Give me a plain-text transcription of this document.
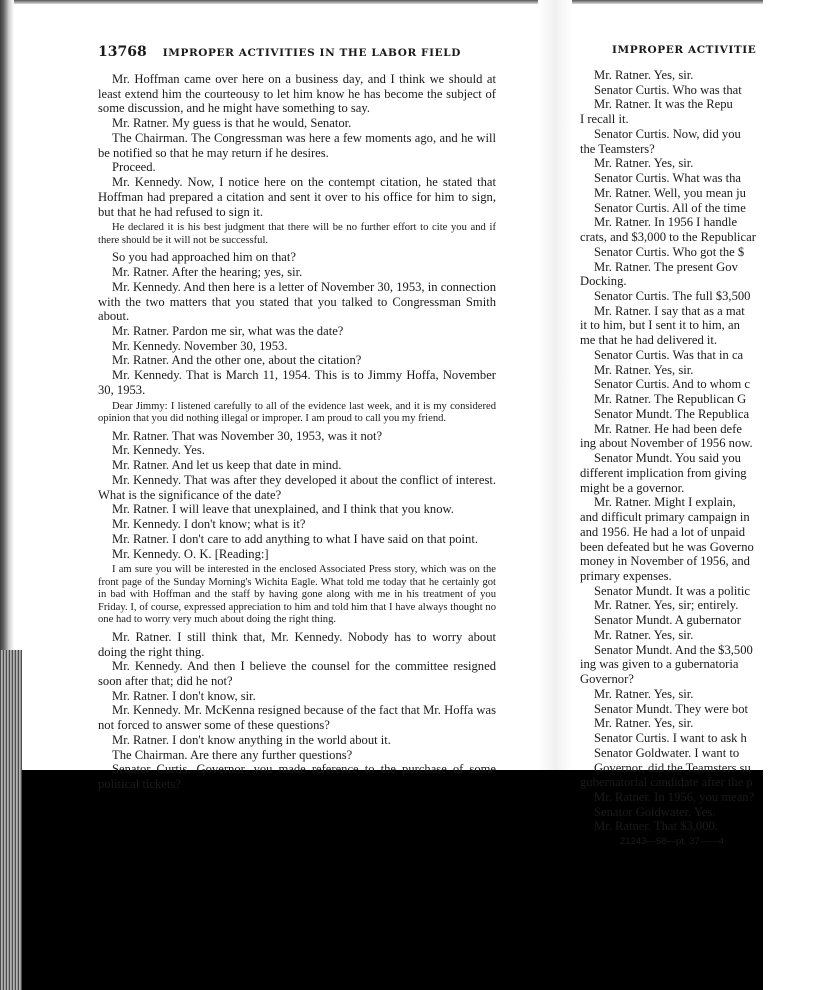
13768 IMPROPER ACTIVITIES IN THE LABOR FIELD

Mr. Hoffman came over here on a business day, and I think we should at least extend him the courteousy to let him know he has become the subject of some discussion, and he might have something to say.

Mr. Ratner. My guess is that he would, Senator.

The Chairman. The Congressman was here a few moments ago, and he will be notified so that he may return if he desires.

Proceed.

Mr. Kennedy. Now, I notice here on the contempt citation, he stated that Hoffman had prepared a citation and sent it over to his office for him to sign, but that he had refused to sign it.

He declared it is his best judgment that there will be no further effort to cite you and if there should be it will not be successful.

So you had approached him on that?

Mr. Ratner. After the hearing; yes, sir.

Mr. Kennedy. And then here is a letter of November 30, 1953, in connection with the two matters that you stated that you talked to Congressman Smith about.

Mr. Ratner. Pardon me sir, what was the date?

Mr. Kennedy. November 30, 1953.

Mr. Ratner. And the other one, about the citation?

Mr. Kennedy. That is March 11, 1954. This is to Jimmy Hoffa, November 30, 1953.

Dear Jimmy: I listened carefully to all of the evidence last week, and it is my considered opinion that you did nothing illegal or improper. I am proud to call you my friend.

Mr. Ratner. That was November 30, 1953, was it not?

Mr. Kennedy. Yes.

Mr. Ratner. And let us keep that date in mind.

Mr. Kennedy. That was after they developed it about the conflict of interest. What is the significance of the date?

Mr. Ratner. I will leave that unexplained, and I think that you know.

Mr. Kennedy. I don't know; what is it?

Mr. Ratner. I don't care to add anything to what I have said on that point.

Mr. Kennedy. O. K. [Reading:]

I am sure you will be interested in the enclosed Associated Press story, which was on the front page of the Sunday Morning's Wichita Eagle. What told me today that he certainly got in bad with Hoffman and the staff by having gone along with me in his treatment of you Friday. I, of course, expressed appreciation to him and told him that I have always thought no one had to worry very much about doing the right thing.

Mr. Ratner. I still think that, Mr. Kennedy. Nobody has to worry about doing the right thing.

Mr. Kennedy. And then I believe the counsel for the committee resigned soon after that; did he not?

Mr. Ratner. I don't know, sir.

Mr. Kennedy. Mr. McKenna resigned because of the fact that Mr. Hoffa was not forced to answer some of these questions?

Mr. Ratner. I don't know anything in the world about it.

The Chairman. Are there any further questions?

Senator Curtis. Governor, you made reference to the purchase of some political tickets?

IMPROPER ACTIVITIE

Mr. Ratner. Yes, sir.

Senator Curtis. Who was that

Mr. Ratner. It was the Repu

I recall it.

Senator Curtis. Now, did you

the Teamsters?

Mr. Ratner. Yes, sir.

Senator Curtis. What was tha

Mr. Ratner. Well, you mean ju

Senator Curtis. All of the time

Mr. Ratner. In 1956 I handle

crats, and $3,000 to the Republicar

Senator Curtis. Who got the $

Mr. Ratner. The present Gov

Docking.

Senator Curtis. The full $3,500

Mr. Ratner. I say that as a mat

it to him, but I sent it to him, an

me that he had delivered it.

Senator Curtis. Was that in ca

Mr. Ratner. Yes, sir.

Senator Curtis. And to whom c

Mr. Ratner. The Republican G

Senator Mundt. The Republica

Mr. Ratner. He had been defe

ing about November of 1956 now.

Senator Mundt. You said you

different implication from giving

might be a governor.

Mr. Ratner. Might I explain,

and difficult primary campaign in

and 1956. He had a lot of unpaid

been defeated but he was Governo

money in November of 1956, and

primary expenses.

Senator Mundt. It was a politic

Mr. Ratner. Yes, sir; entirely.

Senator Mundt. A gubernator

Mr. Ratner. Yes, sir.

Senator Mundt. And the $3,500

ing was given to a gubernatoria

Governor?

Mr. Ratner. Yes, sir.

Senator Mundt. They were bot

Mr. Ratner. Yes, sir.

Senator Curtis. I want to ask h

Senator Goldwater. I want to

Governor, did the Teamsters su

gubernatorial candidate after the p

Mr. Ratner. In 1956, you mean?

Senator Goldwater. Yes.

Mr. Ratner. That $3,000.

21243—58—pt. 37——4
